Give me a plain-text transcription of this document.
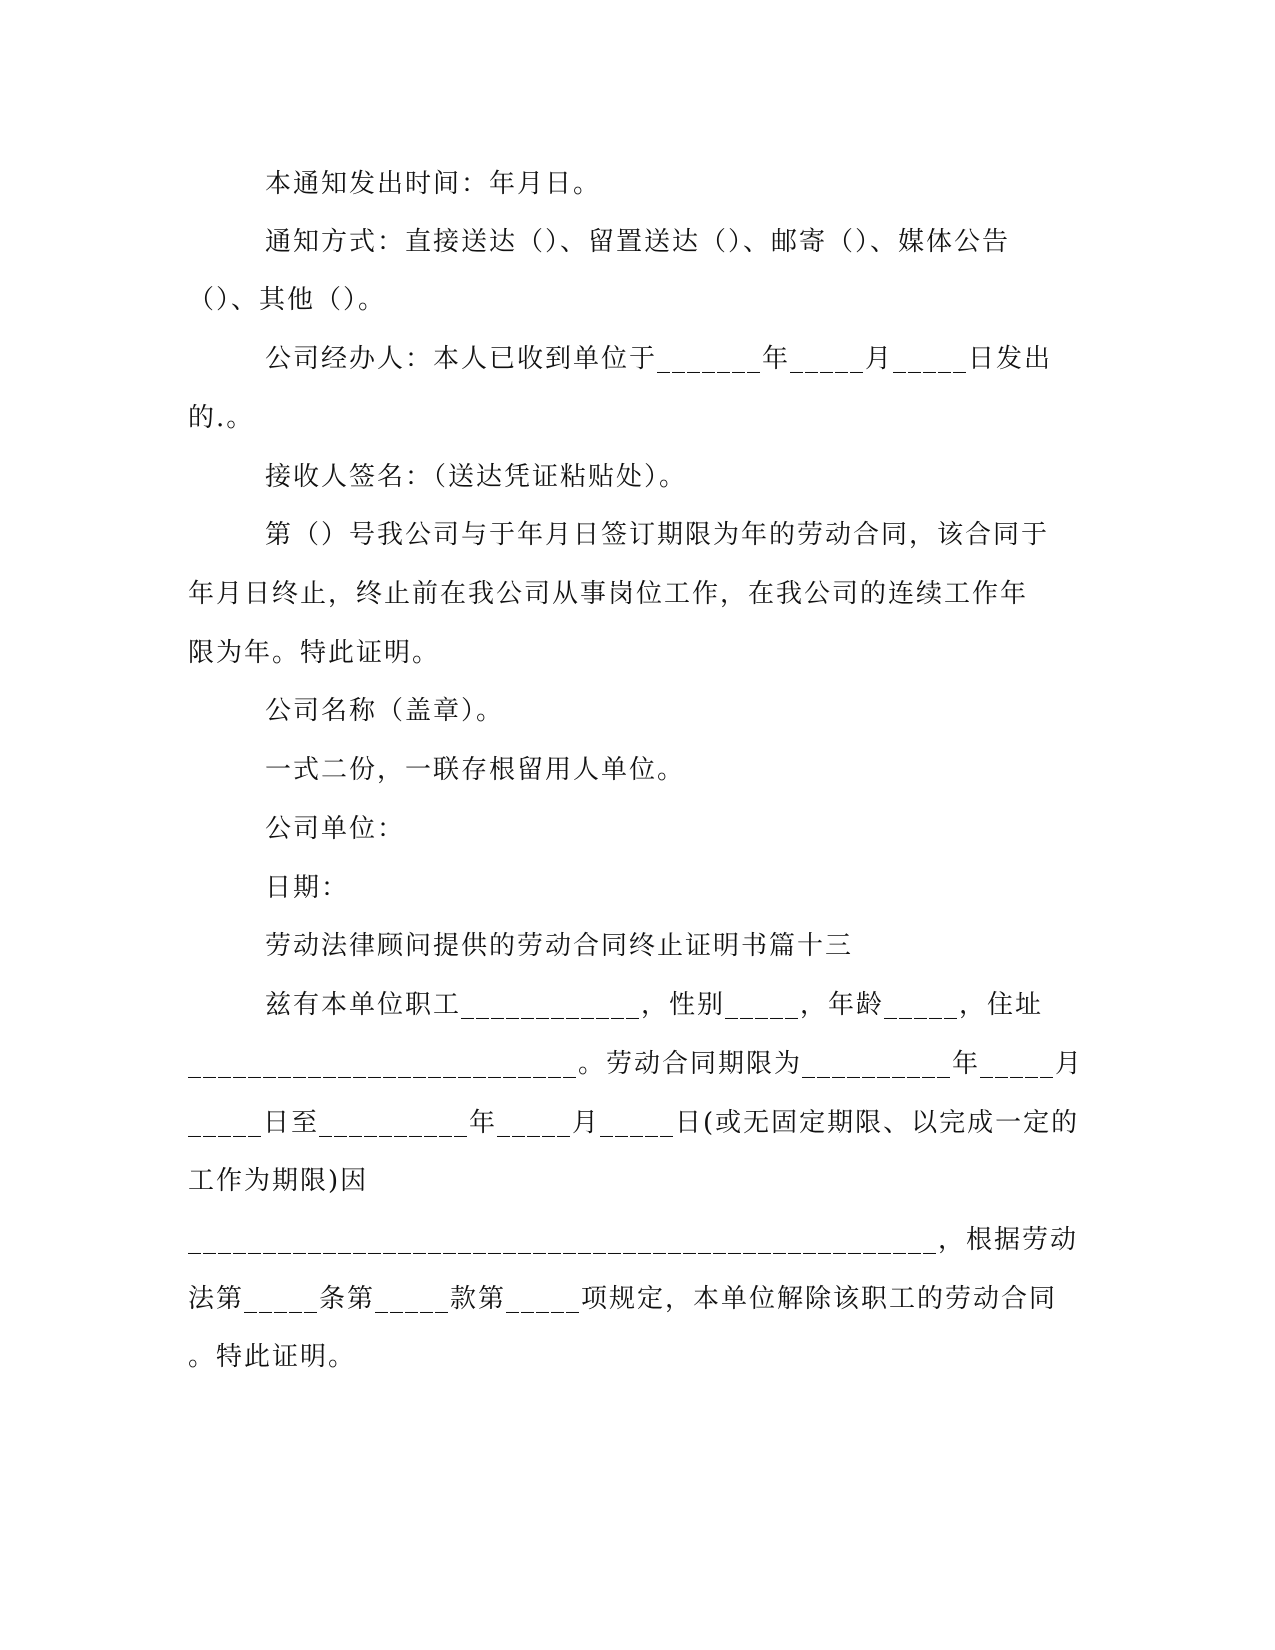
本通知发出时间：年月日。
通知方式：直接送达（）、留置送达（）、邮寄（）、媒体公告
（）、其他（）。
公司经办人：本人已收到单位于_______年_____月_____日发出
的.。
接收人签名：（送达凭证粘贴处）。
第（）号我公司与于年月日签订期限为年的劳动合同，该合同于
年月日终止，终止前在我公司从事岗位工作，在我公司的连续工作年
限为年。特此证明。
公司名称（盖章）。
一式二份，一联存根留用人单位。
公司单位：
日期：
劳动法律顾问提供的劳动合同终止证明书篇十三
兹有本单位职工____________，性别_____，年龄_____，住址
__________________________。劳动合同期限为__________年_____月
_____日至__________年_____月_____日(或无固定期限、以完成一定的
工作为期限)因
__________________________________________________，根据劳动
法第_____条第_____款第_____项规定，本单位解除该职工的劳动合同
。特此证明。
